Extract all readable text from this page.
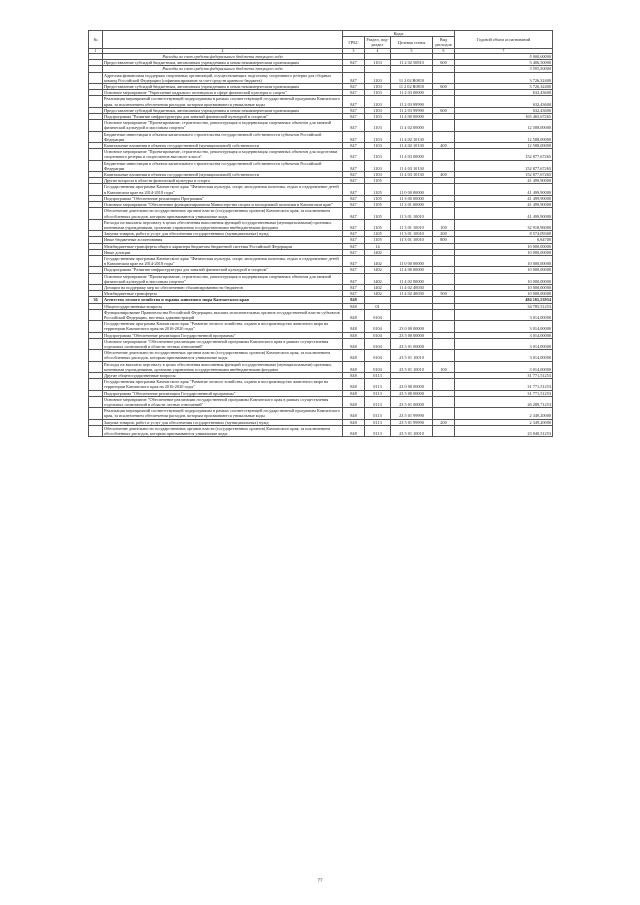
№		Коды				Годовой объем ассигнований
		ГРБС	Раздел, под-раздел	Целевая статья	Вид расходов	
1	2	3	4	5	6	7
	Расходы за счет средств федерального бюджета текущего года					5 000,00000
	Предоставление субсидий бюджетным, автономным учреждениям и иным некоммерческим организациям	847	1103	11 2 02 50810	600	5 406,50000
	Расходы за счет средств федерального бюджета текущего года					3 593,50000
	Адресная финансовая поддержка спортивных организаций, осуществляющих подготовку спортивного резерва для сборных команд Российской Федерации (софинансирование за счет средств краевого бюджета)	847	1103	11 2 02 R0810		3 726,32400
	Предоставление субсидий бюджетным, автономным учреждениям и иным некоммерческим организациям	847	1103	11 2 02 R0810	600	3 726,32400
	Основное мероприятие "Укрепление кадрового потенциала в сфере физической культуры и спорта"	847	1103	11 2 03 00000		632,43600
	Реализация мероприятий соответствующей подпрограммы в рамках соответствующей государственной программы Камчатского края, за исключением обеспечения расходов, которым присваиваются уникальные коды	847	1103	11 2 03 99990		632,43600
	Предоставление субсидий бюджетным, автономным учреждениям и иным некоммерческим организациям	847	1103	11 2 03 99990	600	632,43600
	Подпрограмма "Развитие инфраструктуры для занятий физической культурой и спортом"	847	1103	11 4 00 00000		165 465,67265
	Основное мероприятие "Проектирование, строительство, реконструкция и модернизация спортивных объектов для занятий физической культурой и массовым спортом"	847	1103	11 4 02 00000		12 588,00000
	Бюджетные инвестиции в объекты капитального строительства государственной собственности субъектов Российской Федерации	847	1103	11 4 02 10130		12 588,00000
	Капитальные вложения в объекты государственной (муниципальной) собственности	847	1103	11 4 02 10130	400	12 588,00000
	Основное мероприятие "Проектирование, строительство, реконструкция и модернизация спортивных объектов для подготовки спортивного резерва и спортсменов высокого класса"	847	1103	11 4 03 00000		152 877,67265
	Бюджетные инвестиции в объекты капитального строительства государственной собственности субъектов Российской Федерации	847	1103	11 4 03 10130		152 877,67265
	Капитальные вложения в объекты государственной (муниципальной) собственности	847	1103	11 4 03 10130	400	152 877,67265
	Другие вопросы в области физической культуры и спорта	847	1105			41 499,90000
	Государственная программа Камчатского края "Физическая культура, спорт, молодежная политика, отдых и оздоровление детей в Камчатском крае на 2014-2018 годы"	847	1105	11 0 00 00000		41 499,90000
	Подпрограмма "Обеспечение реализации Программы"	847	1105	11 3 00 00000		41 499,90000
	Основное мероприятие "Обеспечение функционирования Министерства спорта и молодежной политики в Камчатском крае"	847	1105	11 3 01 00000		41 499,90000
	Обеспечение деятельности государственных органов власти (государственных органов) Камчатского края, за исключением обособленных расходов, которым присваиваются уникальные коды	847	1105	11 3 01 10010		41 499,90000
	Расходы на выплаты персоналу в целях обеспечения выполнения функций государственными (муниципальными) органами, казенными учреждениями, органами управления государственными внебюджетными фондами	847	1105	11 3 01 10010	100	32 918,96000
	Закупка товаров, работ и услуг для обеспечения государственных (муниципальных) нужд	847	1105	11 3 01 10010	200	8 574,09300
	Иные бюджетные ассигнования	847	1105	11 3 01 10010	800	6,84700
	Межбюджетные трансферты общего характера бюджетам бюджетной системы Российской Федерации	847	14			10 000,00000
	Иные дотации	847	1402			10 000,00000
	Государственная программа Камчатского края "Физическая культура, спорт, молодежная политика, отдых и оздоровление детей в Камчатском крае на 2014-2018 годы"	847	1402	11 0 00 00000		10 000,00000
	Подпрограмма "Развитие инфраструктуры для занятий физической культурой и спортом"	847	1402	11 4 00 00000		10 000,00000
	Основное мероприятие "Проектирование, строительство, реконструкция и модернизация спортивных объектов для занятий физической культурой и массовым спортом"	847	1402	11 4 02 00000		10 000,00000
	Дотации на поддержку мер по обеспечению сбалансированности бюджетов	847	1402	11 4 02 40030		10 000,00000
	Межбюджетные трансферты	847	1402	11 4 02 40030	500	10 000,00000
36	Агентство лесного хозяйства и охраны животного мира Камчатского края	848				484 165,53954
	Общегосударственные вопросы	848	01			34 785,51253
	Функционирование Правительства Российской Федерации, высших исполнительных органов государственной власти субъектов Российской Федерации, местных администраций	848	0104			3 014,00000
	Государственная программа Камчатского края "Развитие лесного хозяйства, охрана и воспроизводство животного мира на территории Камчатского края на 2016-2020 годы"	848	0104	23 0 00 00000		3 014,00000
	Подпрограмма "Обеспечение реализации Государственной программы"	848	0104	23 5 00 00000		3 014,00000
	Основное мероприятие "Обеспечение реализации государственной программы Камчатского края в рамках осуществления отдельных полномочий в области лесных отношений"	848	0104	23 5 01 00000		3 014,00000
	Обеспечение деятельности государственных органов власти (государственных органов) Камчатского края, за исключением обособленных расходов, которым присваиваются уникальные коды	848	0104	23 5 01 10010		3 014,00000
	Расходы на выплаты персоналу в целях обеспечения выполнения функций государственными (муниципальными) органами, казенными учреждениями, органами управления государственными внебюджетными фондами	848	0104	23 5 01 10010	100	3 014,00000
	Другие общегосударственные вопросы	848	0113			31 771,51253
	Государственная программа Камчатского края "Развитие лесного хозяйства, охрана и воспроизводство животного мира на территории Камчатского края на 2016-2020 годы"	848	0113	23 0 00 00000		31 771,51253
	Подпрограмма "Обеспечение реализации Государственной программы"	848	0113	23 5 00 00000		31 771,51253
	Основное мероприятие "Обеспечение реализации государственной программы Камчатского края в рамках осуществления отдельных полномочий в области лесных отношений"	848	0113	23 5 01 00000		26 289,71253
	Реализация мероприятий соответствующей подпрограммы в рамках соответствующей государственной программы Камчатского края, за исключением обеспечения расходов, которым присваиваются уникальные коды	848	0113	23 5 01 99990		2 349,20000
	Закупка товаров, работ и услуг для обеспечения государственных (муниципальных) нужд	848	0113	23 5 01 99990	200	2 349,20000
	Обеспечение деятельности государственных органов власти (государственных органов) Камчатского края, за исключением обособленных расходов, которым присваиваются уникальные коды	848	0113	23 5 01 10010		23 940,51253
77
